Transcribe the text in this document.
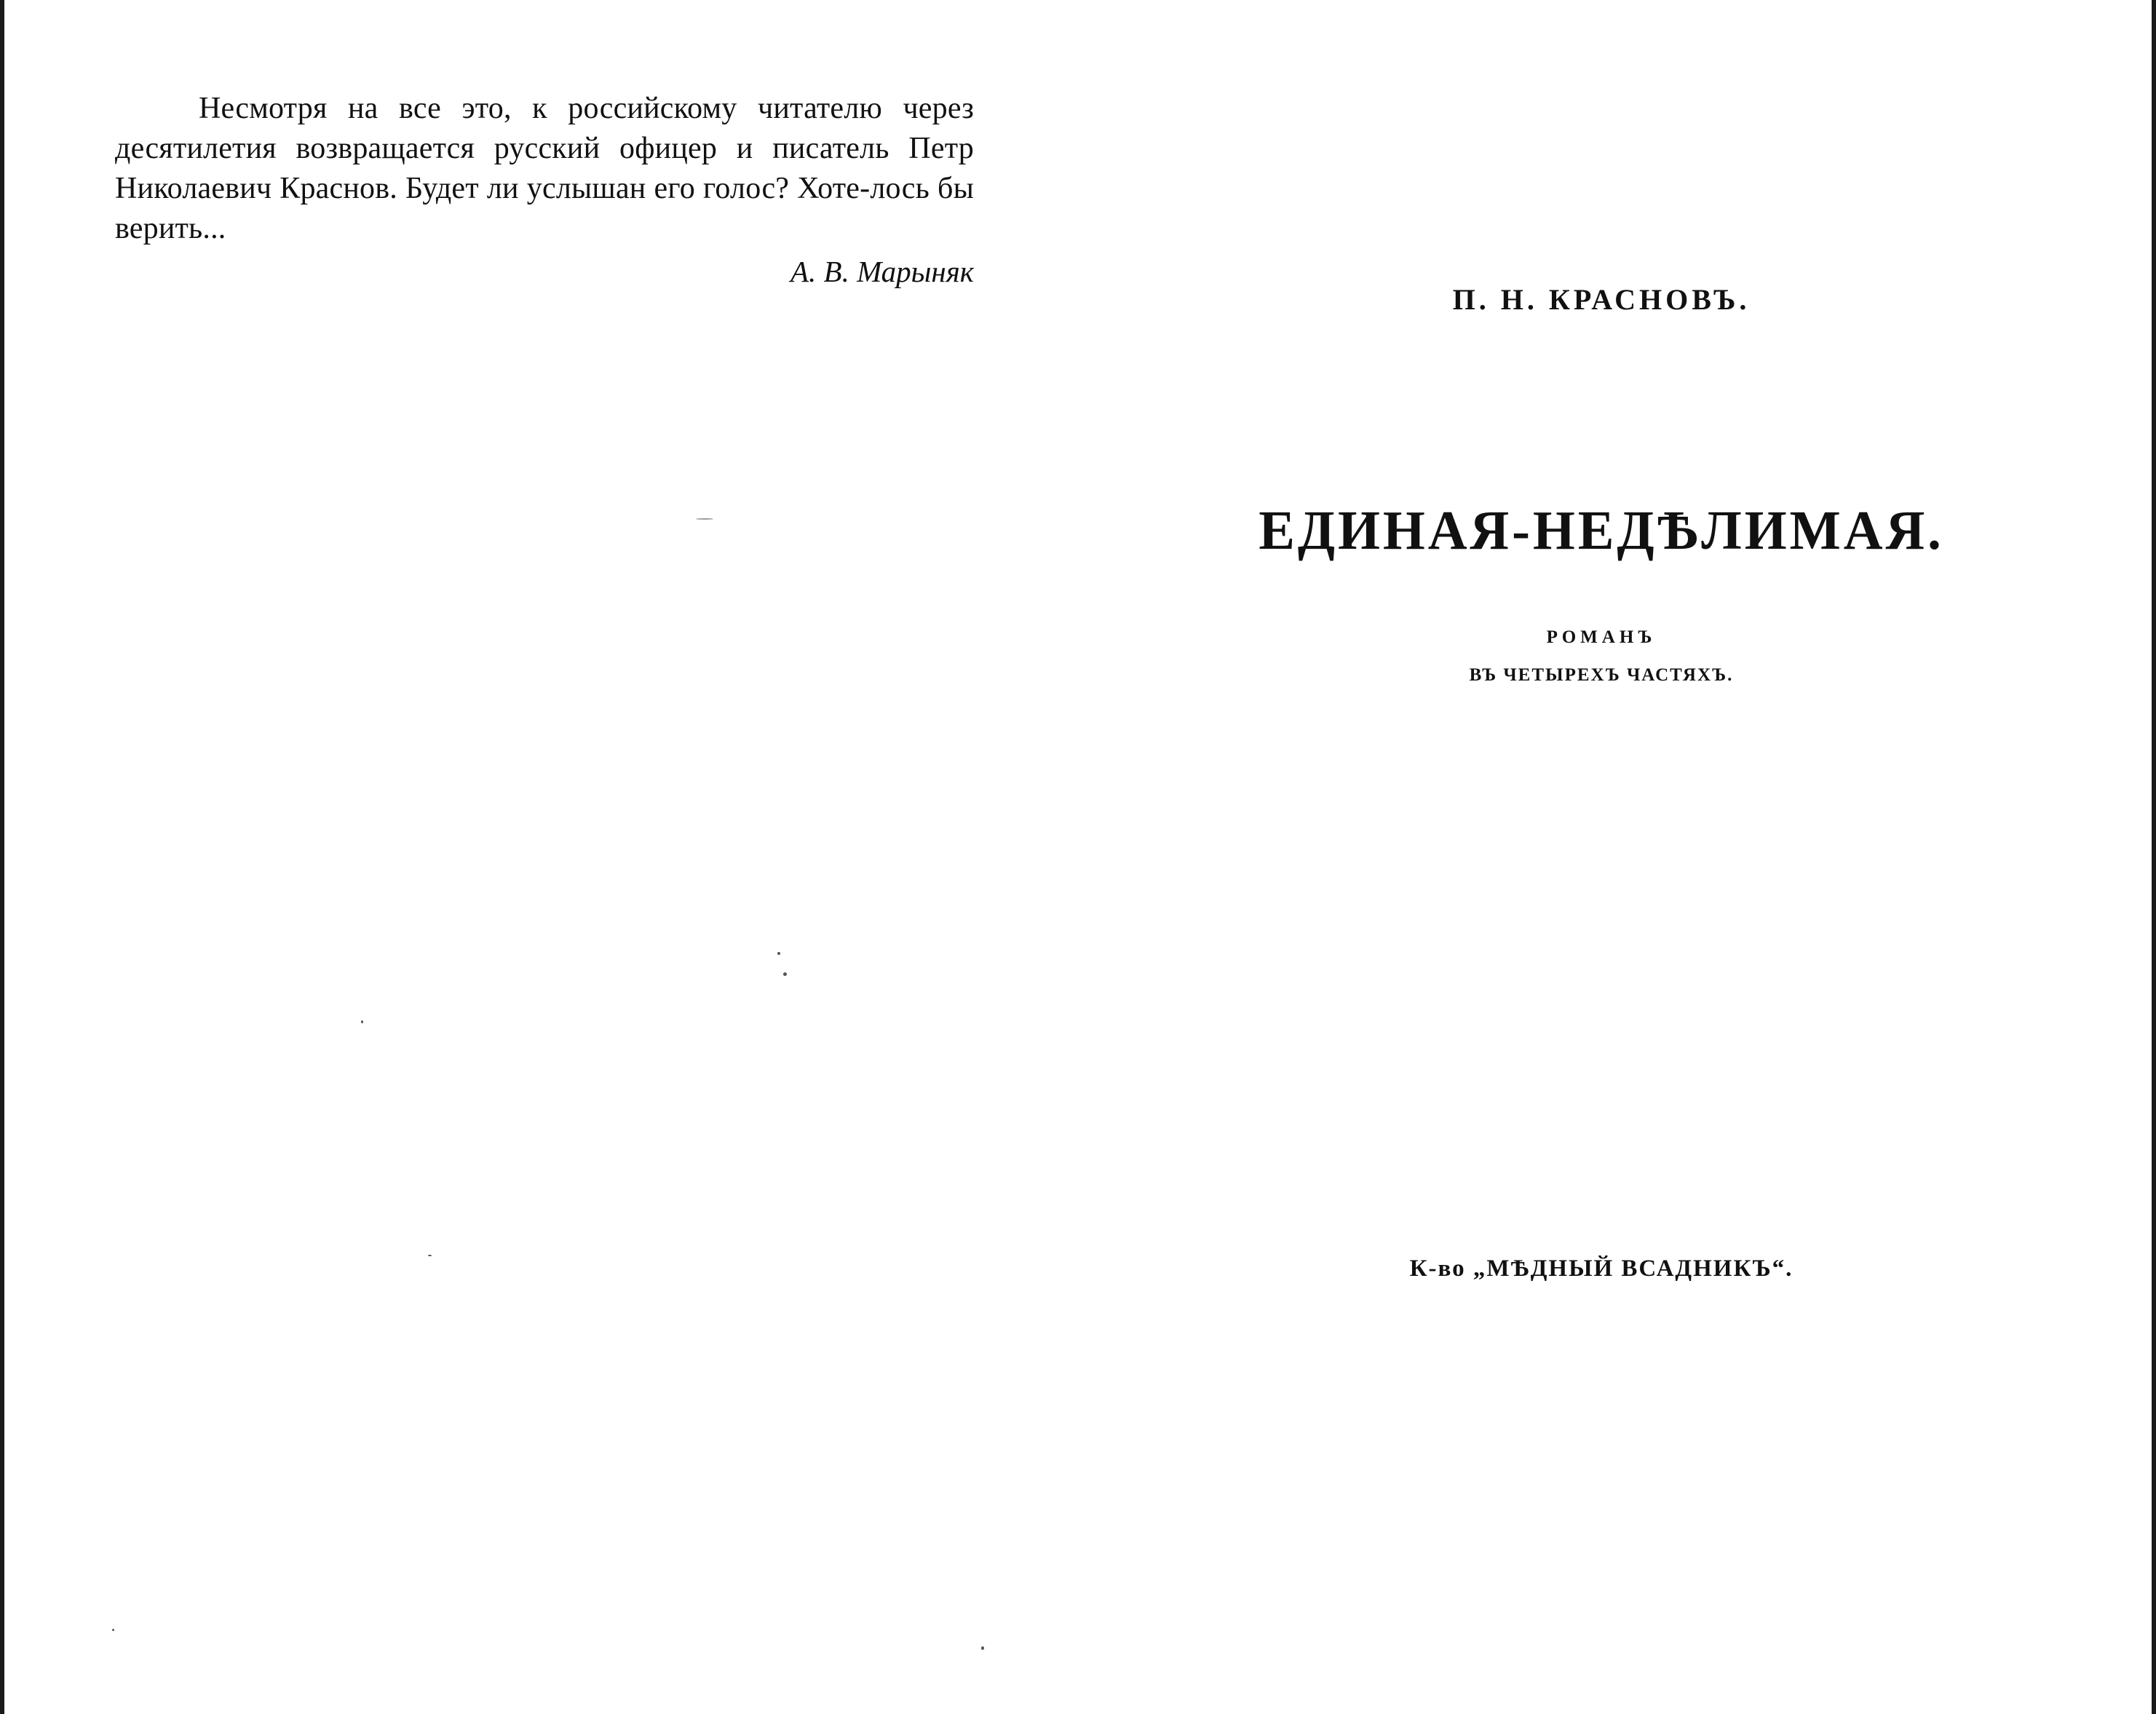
Несмотря на все это, к российскому читателю через десятилетия возвращается русский офицер и писатель Петр Николаевич Краснов. Будет ли услышан его голос? Хоте-лось бы верить...

А. В. Марыняк

П. Н. КРАСНОВЪ.
ЕДИНАЯ-НЕДѢЛИМАЯ.
РОМАНЪ
ВЪ ЧЕТЫРЕХЪ ЧАСТЯХЪ.
К-во „МѢДНЫЙ ВСАДНИКЪ“.
